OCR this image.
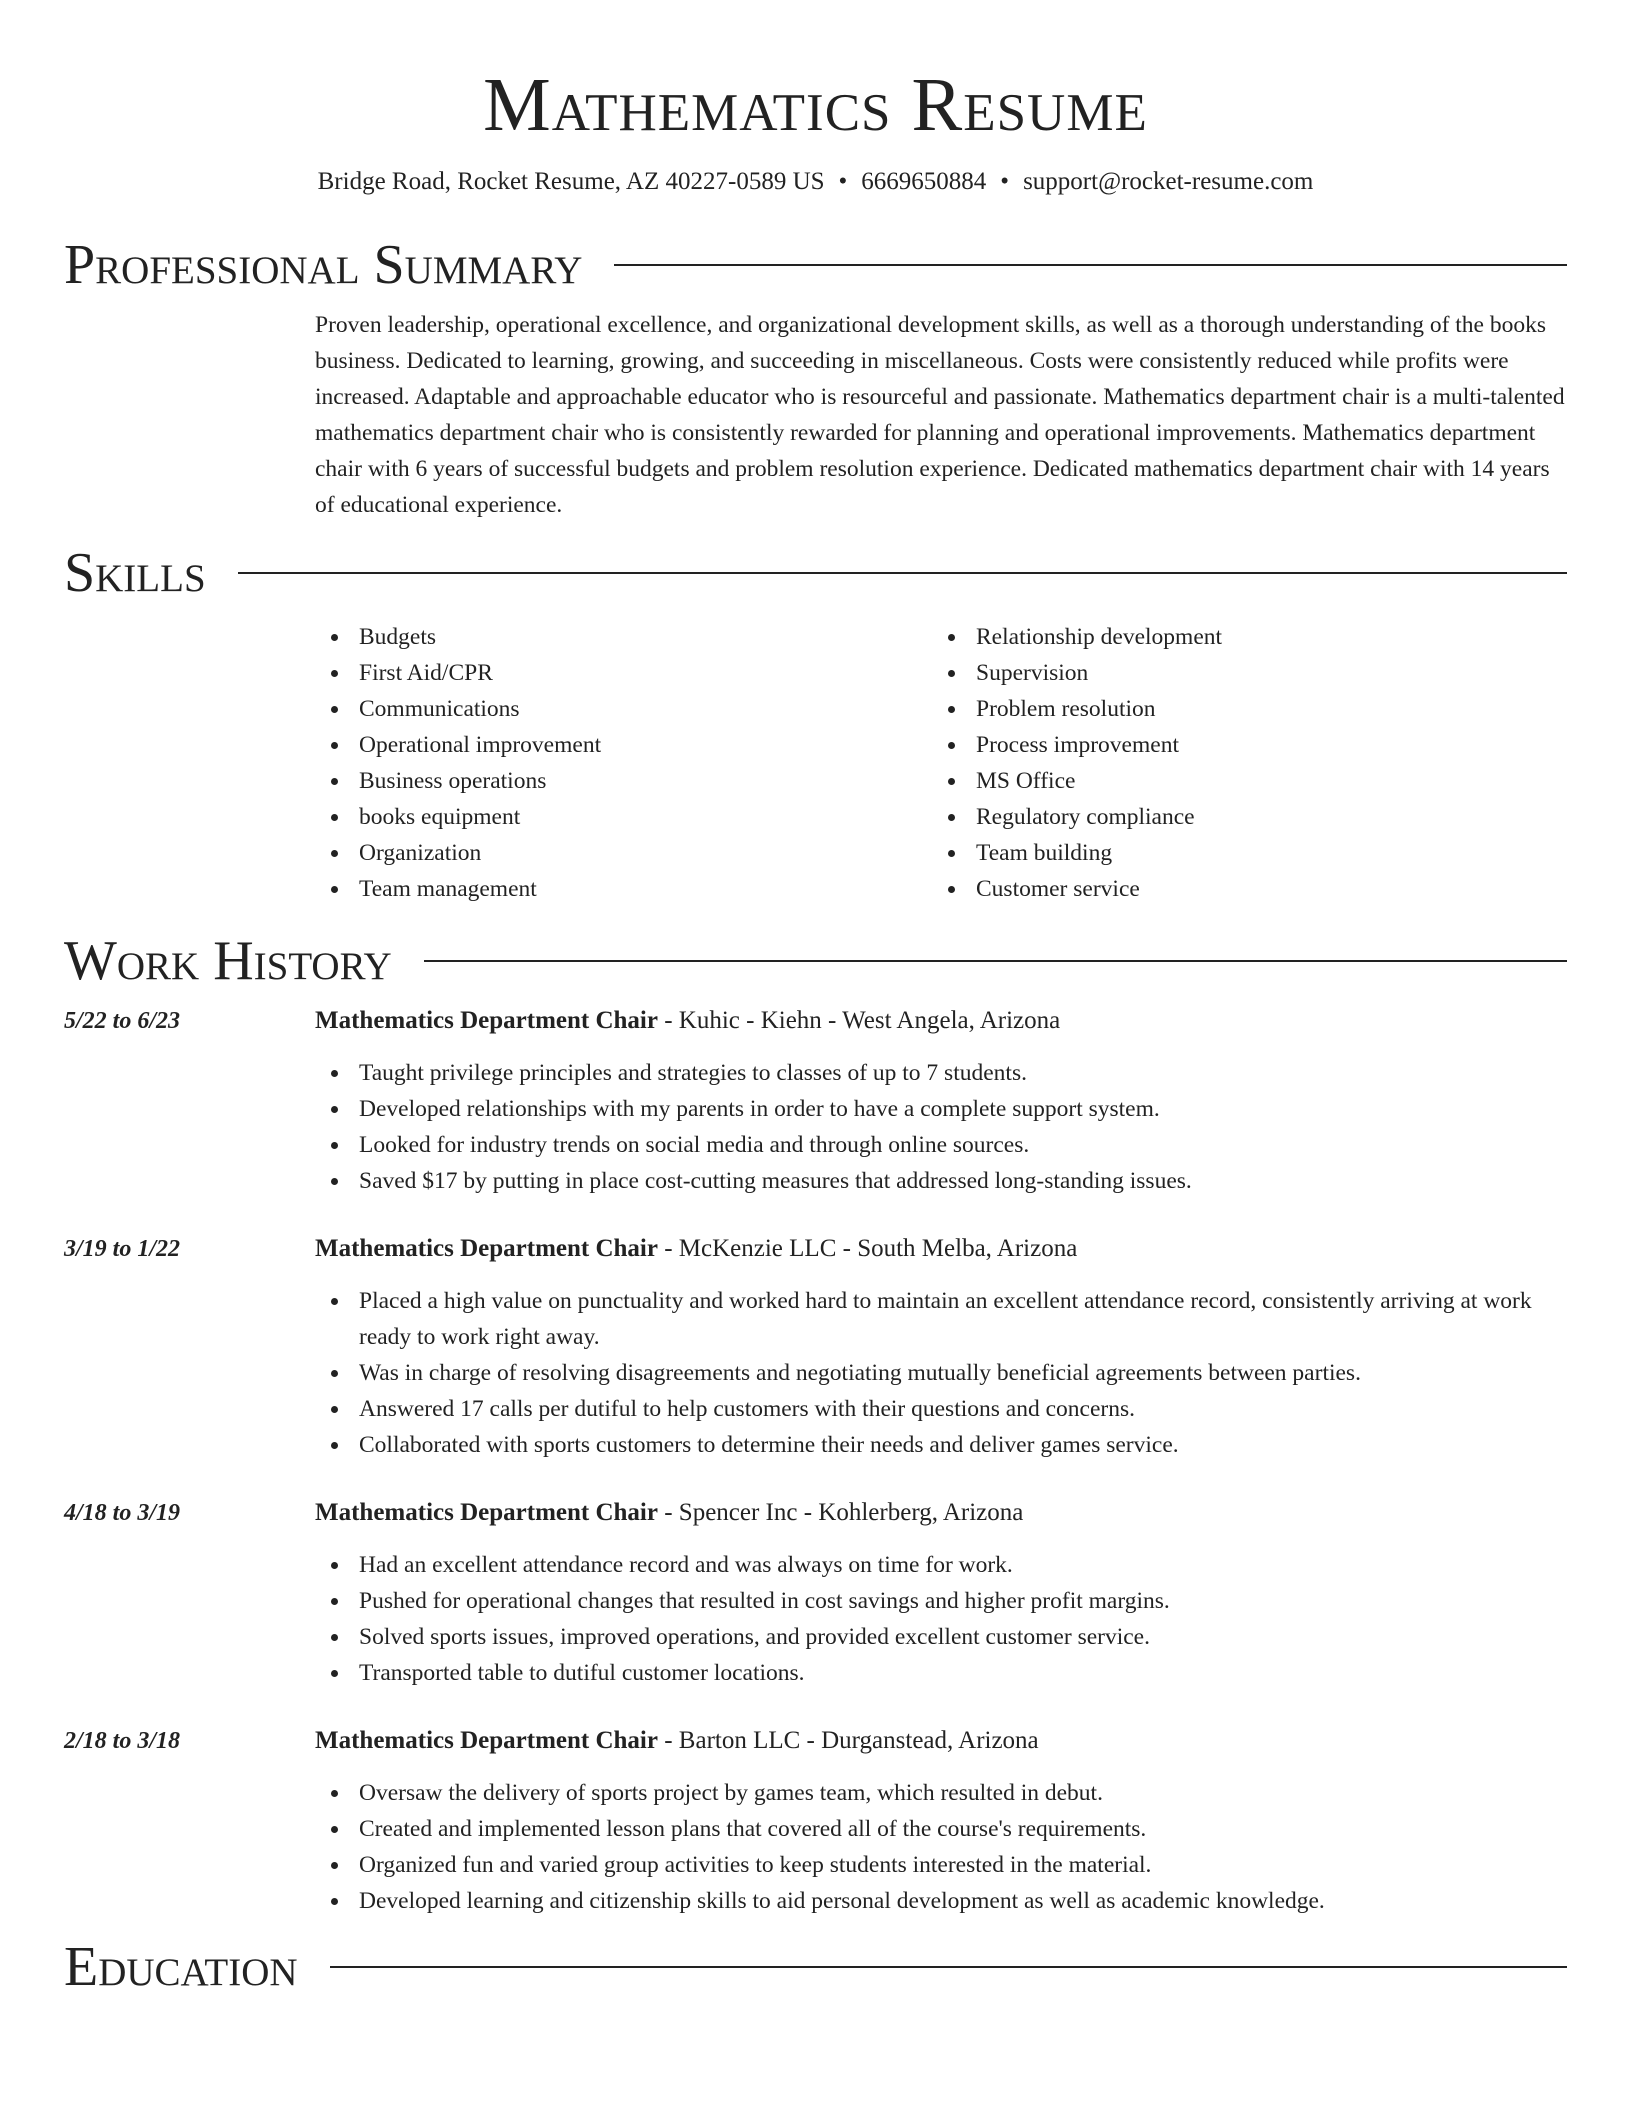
Mathematics Resume
Bridge Road, Rocket Resume, AZ 40227-0589 US • 6669650884 • support@rocket-resume.com
Professional Summary

Proven leadership, operational excellence, and organizational development skills, as well as a thorough understanding of the books business. Dedicated to learning, growing, and succeeding in miscellaneous. Costs were consistently reduced while profits were increased. Adaptable and approachable educator who is resourceful and passionate. Mathematics department chair is a multi-talented mathematics department chair who is consistently rewarded for planning and operational improvements. Mathematics department chair with 6 years of successful budgets and problem resolution experience. Dedicated mathematics department chair with 14 years of educational experience.

Skills
Budgets
First Aid/CPR
Communications
Operational improvement
Business operations
books equipment
Organization
Team management
Relationship development
Supervision
Problem resolution
Process improvement
MS Office
Regulatory compliance
Team building
Customer service
Work History
5/22 to 6/23	Mathematics Department Chair - Kuhic - Kiehn - West Angela, Arizona
Taught privilege principles and strategies to classes of up to 7 students.
Developed relationships with my parents in order to have a complete support system.
Looked for industry trends on social media and through online sources.
Saved $17 by putting in place cost-cutting measures that addressed long-standing issues.
3/19 to 1/22	Mathematics Department Chair - McKenzie LLC - South Melba, Arizona
Placed a high value on punctuality and worked hard to maintain an excellent attendance record, consistently arriving at work ready to work right away.
Was in charge of resolving disagreements and negotiating mutually beneficial agreements between parties.
Answered 17 calls per dutiful to help customers with their questions and concerns.
Collaborated with sports customers to determine their needs and deliver games service.
4/18 to 3/19	Mathematics Department Chair - Spencer Inc - Kohlerberg, Arizona
Had an excellent attendance record and was always on time for work.
Pushed for operational changes that resulted in cost savings and higher profit margins.
Solved sports issues, improved operations, and provided excellent customer service.
Transported table to dutiful customer locations.
2/18 to 3/18	Mathematics Department Chair - Barton LLC - Durganstead, Arizona
Oversaw the delivery of sports project by games team, which resulted in debut.
Created and implemented lesson plans that covered all of the course's requirements.
Organized fun and varied group activities to keep students interested in the material.
Developed learning and citizenship skills to aid personal development as well as academic knowledge.
Education
